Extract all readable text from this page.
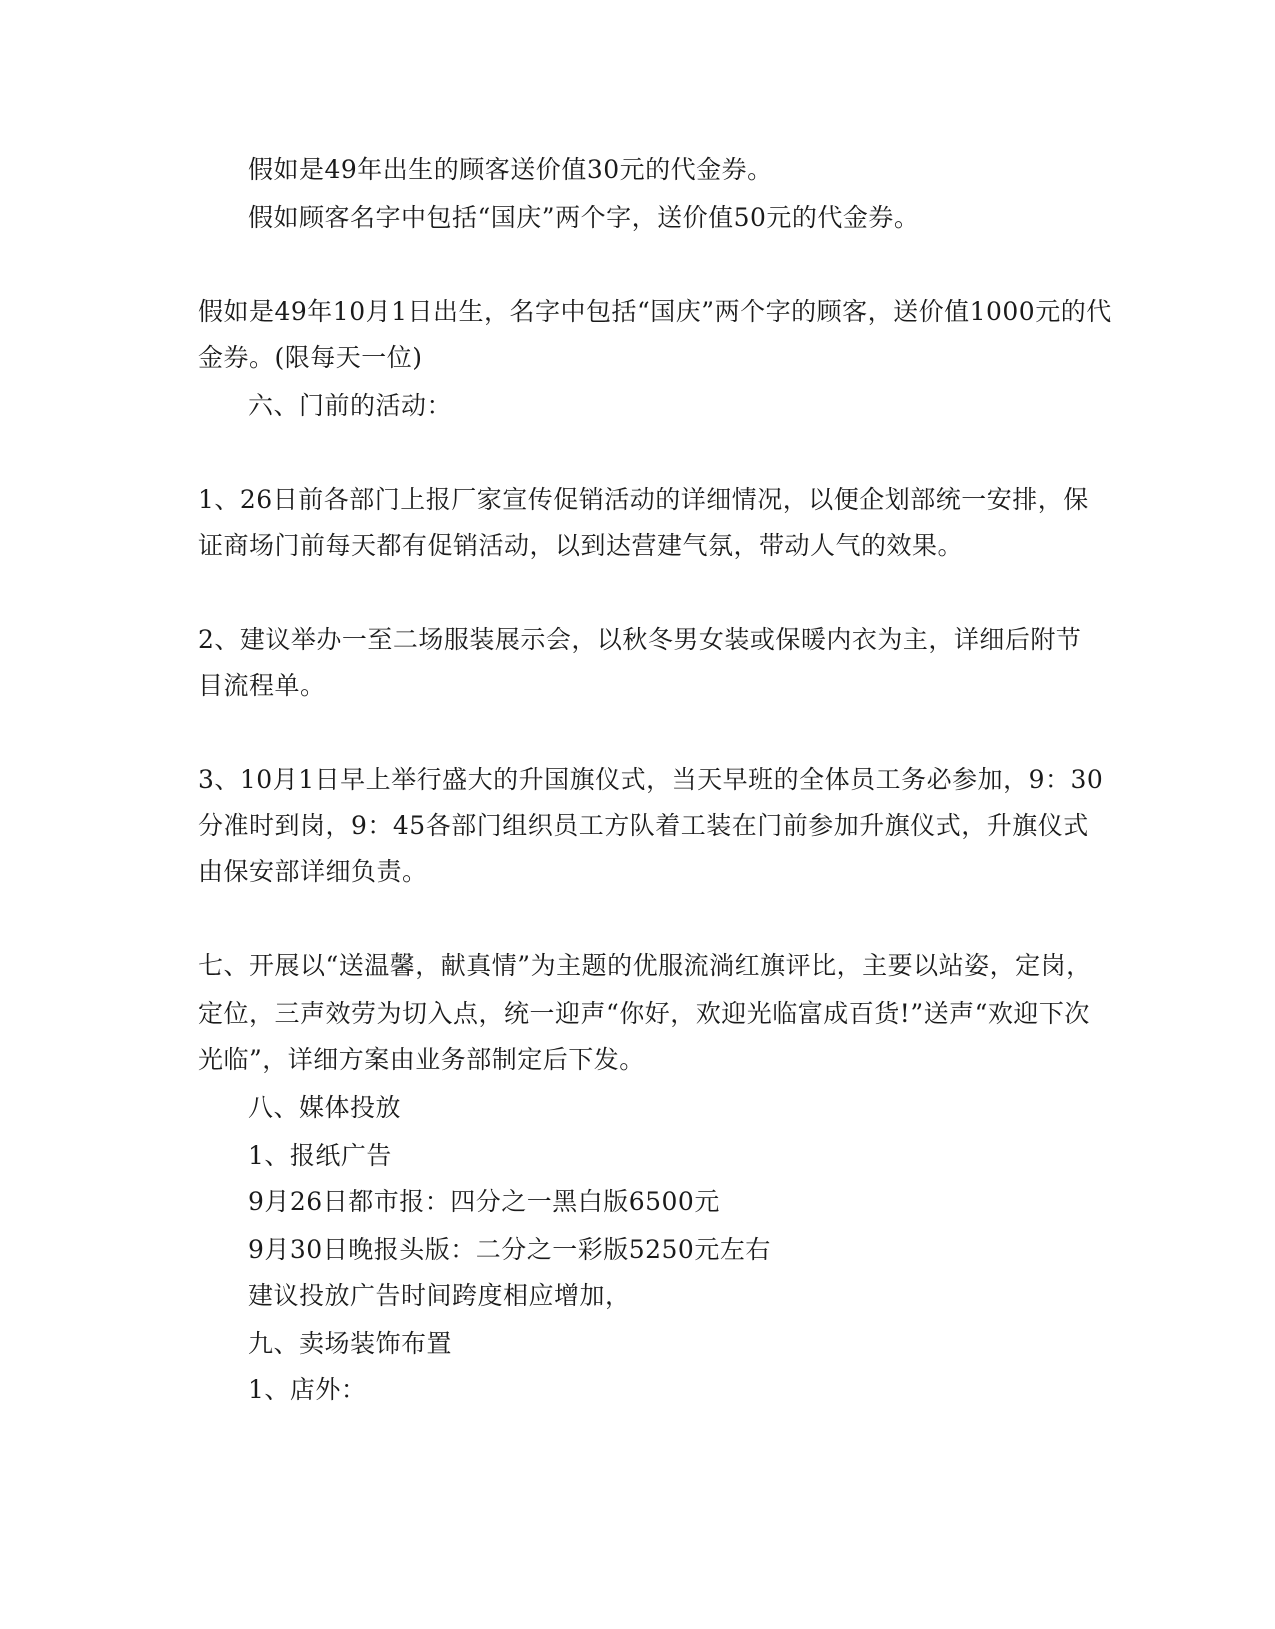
假如是49年出生的顾客送价值30元的代金券。
假如顾客名字中包括“国庆”两个字，送价值50元的代金券。
假如是49年10月1日出生，名字中包括“国庆”两个字的顾客，送价值1000元的代
金券。(限每天一位)
六、门前的活动：
1、26日前各部门上报厂家宣传促销活动的详细情况，以便企划部统一安排，保
证商场门前每天都有促销活动，以到达营建气氛，带动人气的效果。
2、建议举办一至二场服装展示会，以秋冬男女装或保暖内衣为主，详细后附节
目流程单。
3、10月1日早上举行盛大的升国旗仪式，当天早班的全体员工务必参加，9：30
分准时到岗，9：45各部门组织员工方队着工装在门前参加升旗仪式，升旗仪式
由保安部详细负责。
七、开展以“送温馨，献真情”为主题的优服流淌红旗评比，主要以站姿，定岗，
定位，三声效劳为切入点，统一迎声“你好，欢迎光临富成百货!”送声“欢迎下次
光临”，详细方案由业务部制定后下发。
八、媒体投放
1、报纸广告
9月26日都市报：四分之一黑白版6500元
9月30日晚报头版：二分之一彩版5250元左右
建议投放广告时间跨度相应增加，
九、卖场装饰布置
1、店外：
